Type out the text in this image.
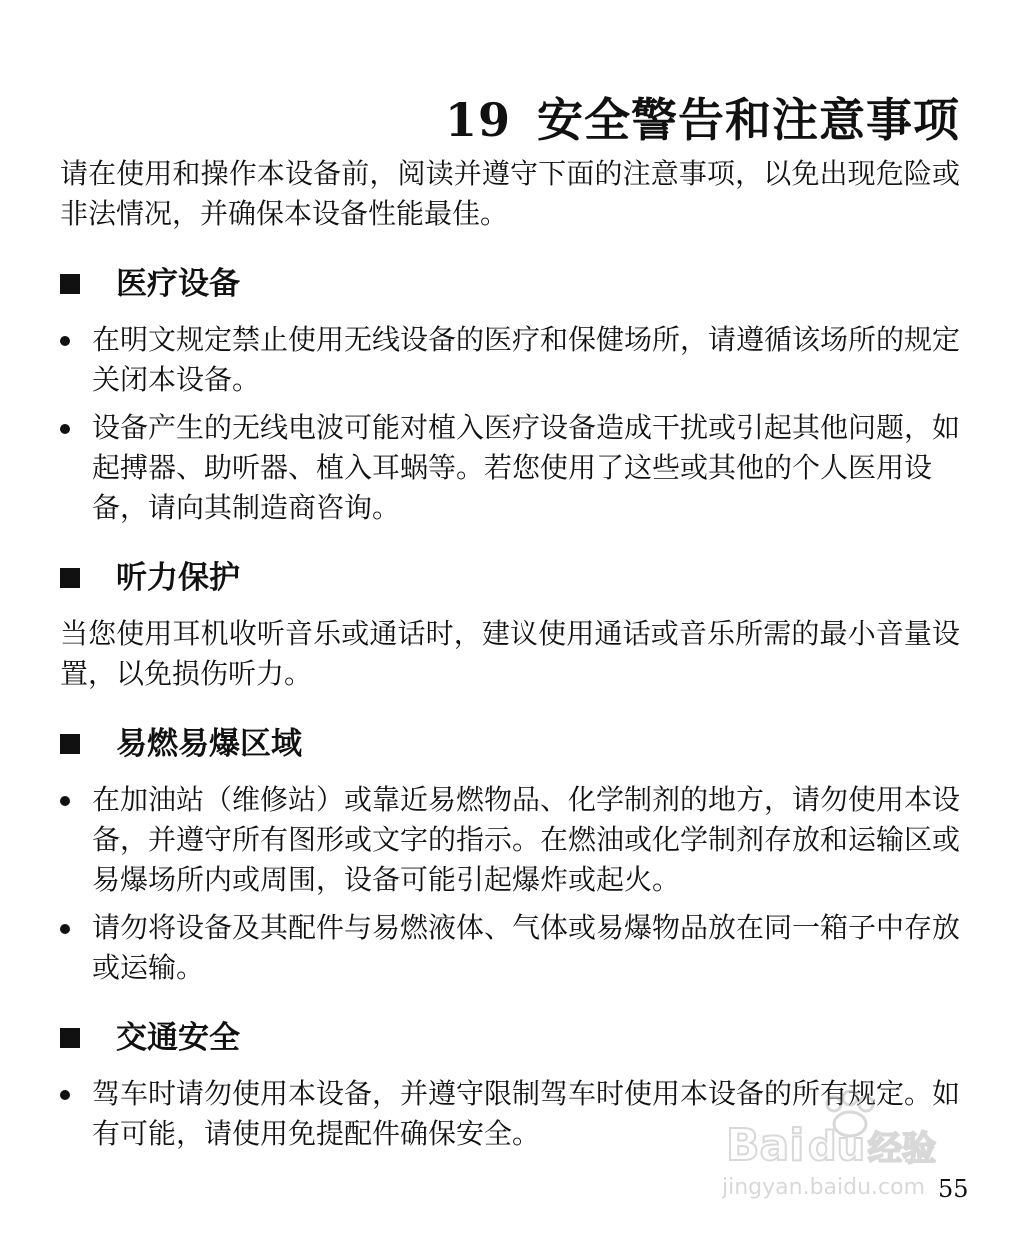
19 安全警告和注意事项

请在使用和操作本设备前，阅读并遵守下面的注意事项，以免出现危险或非法情况，并确保本设备性能最佳。

医疗设备
在明文规定禁止使用无线设备的医疗和保健场所，请遵循该场所的规定关闭本设备。
设备产生的无线电波可能对植入医疗设备造成干扰或引起其他问题，如起搏器、助听器、植入耳蜗等。若您使用了这些或其他的个人医用设备，请向其制造商咨询。
听力保护

当您使用耳机收听音乐或通话时，建议使用通话或音乐所需的最小音量设置，以免损伤听力。

易燃易爆区域
在加油站（维修站）或靠近易燃物品、化学制剂的地方，请勿使用本设备，并遵守所有图形或文字的指示。在燃油或化学制剂存放和运输区或易爆场所内或周围，设备可能引起爆炸或起火。
请勿将设备及其配件与易燃液体、气体或易爆物品放在同一箱子中存放或运输。
交通安全
驾车时请勿使用本设备，并遵守限制驾车时使用本设备的所有规定。如有可能，请使用免提配件确保安全。	Bai du 经验
jingyan.baidu.com 55
